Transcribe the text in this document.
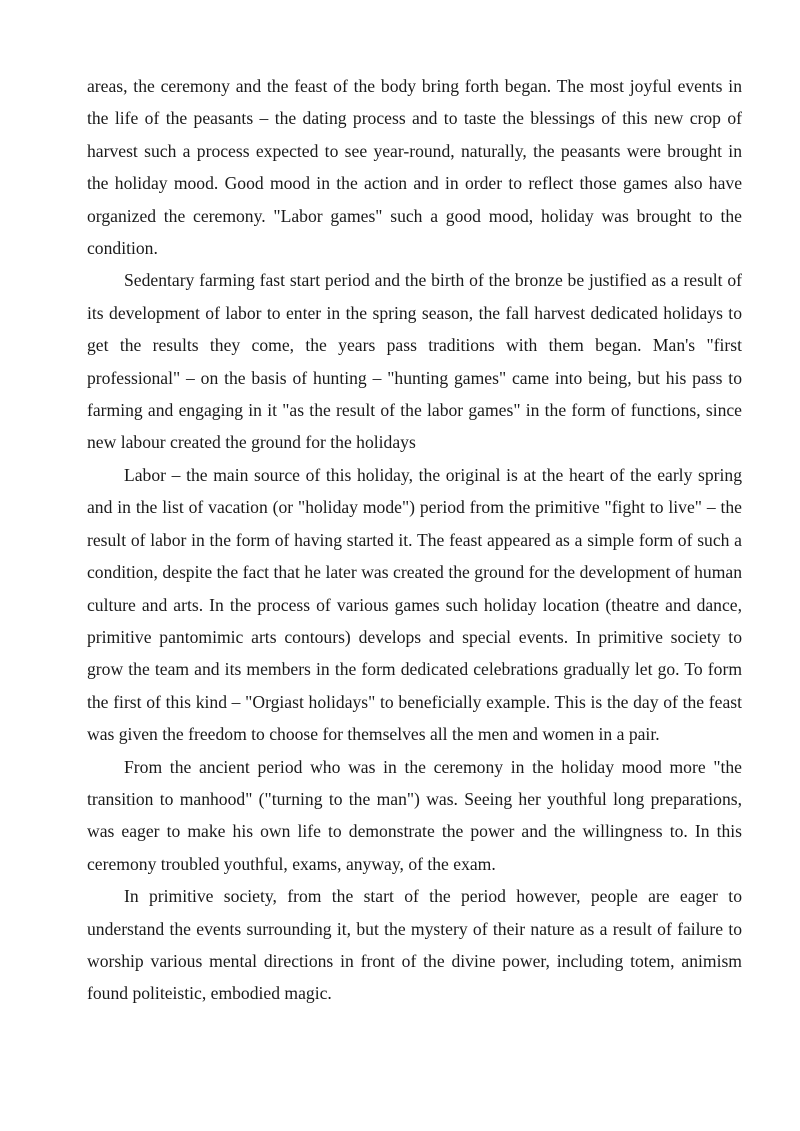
areas, the ceremony and the feast of the body bring forth began. The most joyful events in the life of the peasants – the dating process and to taste the blessings of this new crop of harvest such a process expected to see year-round, naturally, the peasants were brought in the holiday mood. Good mood in the action and in order to reflect those games also have organized the ceremony. "Labor games" such a good mood, holiday was brought to the condition.

Sedentary farming fast start period and the birth of the bronze be justified as a result of its development of labor to enter in the spring season, the fall harvest dedicated holidays to get the results they come, the years pass traditions with them began. Man's "first professional" – on the basis of hunting – "hunting games" came into being, but his pass to farming and engaging in it "as the result of the labor games" in the form of functions, since new labour created the ground for the holidays

Labor – the main source of this holiday, the original is at the heart of the early spring and in the list of vacation (or "holiday mode") period from the primitive "fight to live" – the result of labor in the form of having started it. The feast appeared as a simple form of such a condition, despite the fact that he later was created the ground for the development of human culture and arts. In the process of various games such holiday location (theatre and dance, primitive pantomimic arts contours) develops and special events. In primitive society to grow the team and its members in the form dedicated celebrations gradually let go. To form the first of this kind – "Orgiast holidays" to beneficially example. This is the day of the feast was given the freedom to choose for themselves all the men and women in a pair.

From the ancient period who was in the ceremony in the holiday mood more "the transition to manhood" ("turning to the man") was. Seeing her youthful long preparations, was eager to make his own life to demonstrate the power and the willingness to. In this ceremony troubled youthful, exams, anyway, of the exam.

In primitive society, from the start of the period however, people are eager to understand the events surrounding it, but the mystery of their nature as a result of failure to worship various mental directions in front of the divine power, including totem, animism found politeistic, embodied magic.
